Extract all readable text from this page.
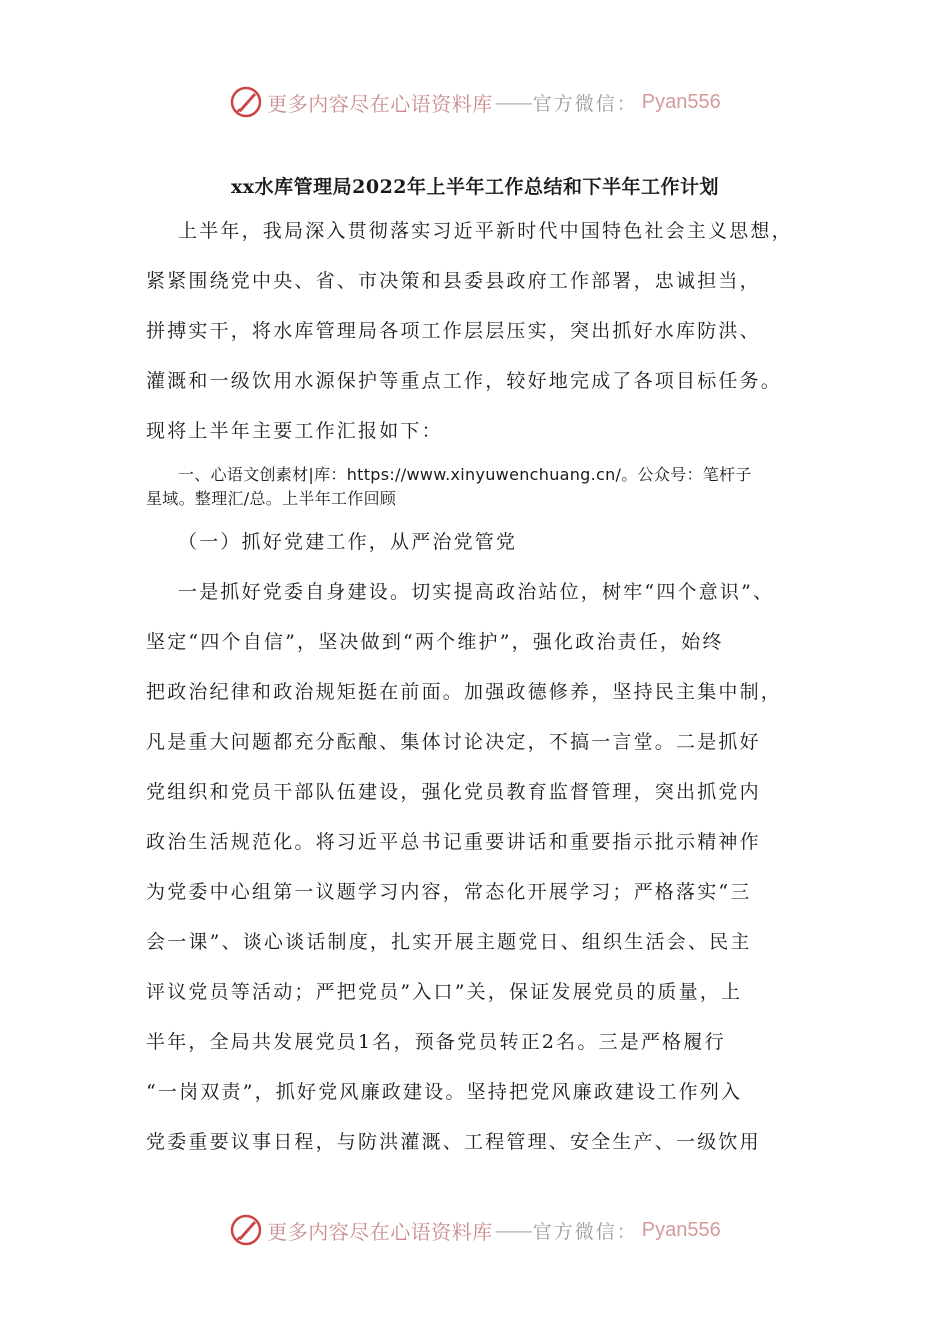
更多内容尽在心语资料库 —— 官方微信： Pyan556
xx水库管理局2022年上半年工作总结和下半年工作计划
上半年，我局深入贯彻落实习近平新时代中国特色社会主义思想，
紧紧围绕党中央、省、市决策和县委县政府工作部署，忠诚担当，
拼搏实干，将水库管理局各项工作层层压实，突出抓好水库防洪、
灌溉和一级饮用水源保护等重点工作，较好地完成了各项目标任务。
现将上半年主要工作汇报如下：
一、心语文创素材|库：https://www.xinyuwenchuang.cn/。公众号：笔杆子
星域。整理汇/总。上半年工作回顾
（一）抓好党建工作，从严治党管党
一是抓好党委自身建设。切实提高政治站位，树牢“四个意识”、
坚定“四个自信”，坚决做到“两个维护”，强化政治责任，始终
把政治纪律和政治规矩挺在前面。加强政德修养，坚持民主集中制，
凡是重大问题都充分酝酿、集体讨论决定，不搞一言堂。二是抓好
党组织和党员干部队伍建设，强化党员教育监督管理，突出抓党内
政治生活规范化。将习近平总书记重要讲话和重要指示批示精神作
为党委中心组第一议题学习内容，常态化开展学习；严格落实“三
会一课”、谈心谈话制度，扎实开展主题党日、组织生活会、民主
评议党员等活动；严把党员”入口”关，保证发展党员的质量，上
半年，全局共发展党员1名，预备党员转正2名。三是严格履行
“一岗双责”，抓好党风廉政建设。坚持把党风廉政建设工作列入
党委重要议事日程，与防洪灌溉、工程管理、安全生产、一级饮用
更多内容尽在心语资料库 —— 官方微信： Pyan556
